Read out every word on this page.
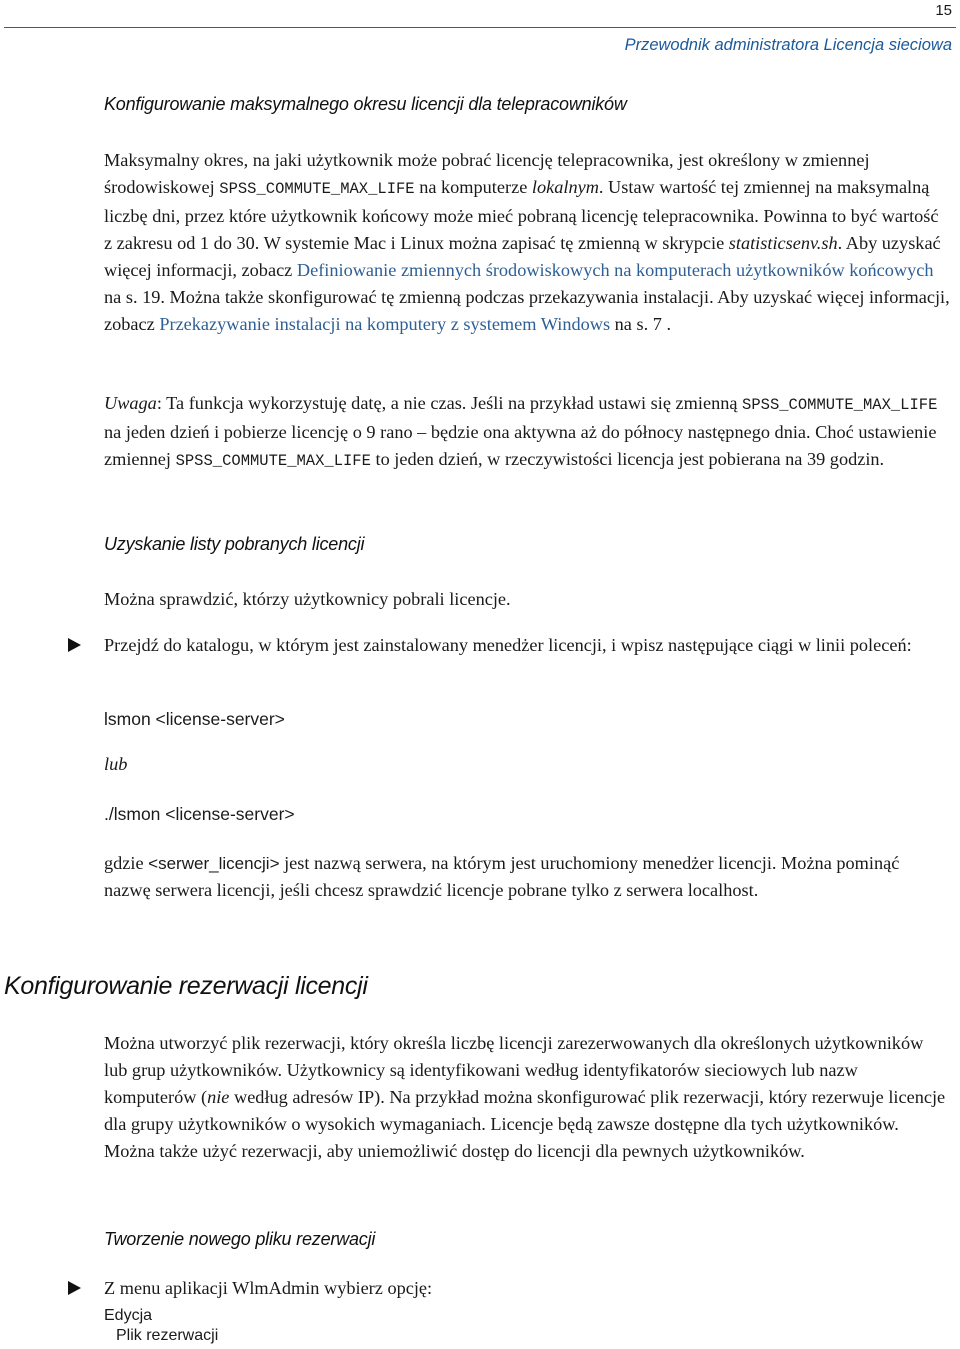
15
Przewodnik administratora Licencja sieciowa
Konfigurowanie maksymalnego okresu licencji dla telepracowników

Maksymalny okres, na jaki użytkownik może pobrać licencję telepracownika, jest określony w zmiennej środowiskowej SPSS_COMMUTE_MAX_LIFE na komputerze lokalnym. Ustaw wartość tej zmiennej na maksymalną liczbę dni, przez które użytkownik końcowy może mieć pobraną licencję telepracownika. Powinna to być wartość z zakresu od 1 do 30. W systemie Mac i Linux można zapisać tę zmienną w skrypcie statisticsenv.sh. Aby uzyskać więcej informacji, zobacz Definiowanie zmiennych środowiskowych na komputerach użytkowników końcowych na s. 19. Można także skonfigurować tę zmienną podczas przekazywania instalacji. Aby uzyskać więcej informacji, zobacz Przekazywanie instalacji na komputery z systemem Windows na s. 7 .

Uwaga: Ta funkcja wykorzystuję datę, a nie czas. Jeśli na przykład ustawi się zmienną SPSS_COMMUTE_MAX_LIFE na jeden dzień i pobierze licencję o 9 rano – będzie ona aktywna aż do północy następnego dnia. Choć ustawienie zmiennej SPSS_COMMUTE_MAX_LIFE to jeden dzień, w rzeczywistości licencja jest pobierana na 39 godzin.

Uzyskanie listy pobranych licencji

Można sprawdzić, którzy użytkownicy pobrali licencje.

Przejdź do katalogu, w którym jest zainstalowany menedżer licencji, i wpisz następujące ciągi w linii poleceń:

lsmon <license-server>
lub
./lsmon <license-server>

gdzie <serwer_licencji> jest nazwą serwera, na którym jest uruchomiony menedżer licencji. Można pominąć nazwę serwera licencji, jeśli chcesz sprawdzić licencje pobrane tylko z serwera localhost.

Konfigurowanie rezerwacji licencji

Można utworzyć plik rezerwacji, który określa liczbę licencji zarezerwowanych dla określonych użytkowników lub grup użytkowników. Użytkownicy są identyfikowani według identyfikatorów sieciowych lub nazw komputerów (nie według adresów IP). Na przykład można skonfigurować plik rezerwacji, który rezerwuje licencje dla grupy użytkowników o wysokich wymaganiach. Licencje będą zawsze dostępne dla tych użytkowników. Można także użyć rezerwacji, aby uniemożliwić dostęp do licencji dla pewnych użytkowników.

Tworzenie nowego pliku rezerwacji

Z menu aplikacji WlmAdmin wybierz opcję:

Edycja
Plik rezerwacji
